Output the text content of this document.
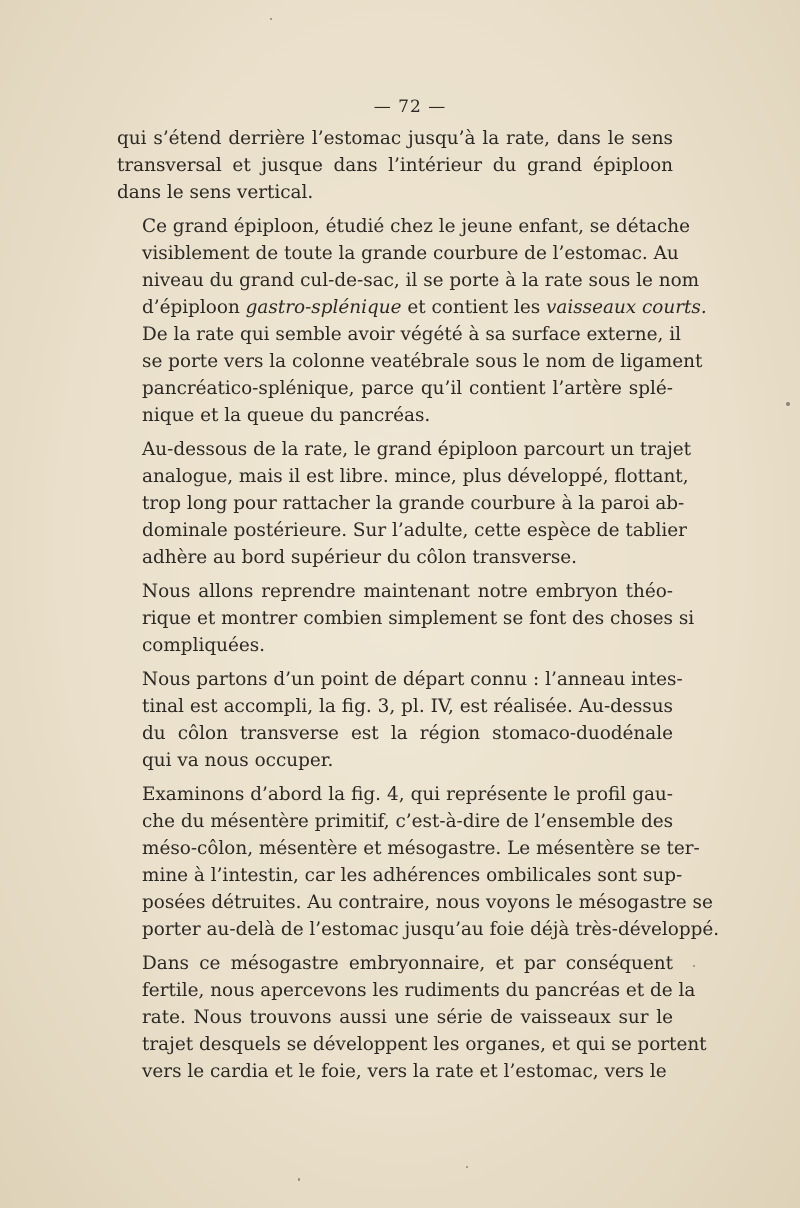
— 72 —
qui s’étend derrière l’estomac jusqu’à la rate, dans le sens
transversal et jusque dans l’intérieur du grand épiploon
dans le sens vertical.
Ce grand épiploon, étudié chez le jeune enfant, se détache
visiblement de toute la grande courbure de l’estomac. Au
niveau du grand cul-de-sac, il se porte à la rate sous le nom
d’épiploon gastro-splénique et contient les vaisseaux courts.
De la rate qui semble avoir végété à sa surface externe, il
se porte vers la colonne veatébrale sous le nom de ligament
pancréatico-splénique, parce qu’il contient l’artère splé-
nique et la queue du pancréas.
Au-dessous de la rate, le grand épiploon parcourt un trajet
analogue, mais il est libre. mince, plus développé, flottant,
trop long pour rattacher la grande courbure à la paroi ab-
dominale postérieure. Sur l’adulte, cette espèce de tablier
adhère au bord supérieur du côlon transverse.
Nous allons reprendre maintenant notre embryon théo-
rique et montrer combien simplement se font des choses si
compliquées.
Nous partons d’un point de départ connu : l’anneau intes-
tinal est accompli, la fig. 3, pl. IV, est réalisée. Au-dessus
du côlon transverse est la région stomaco-duodénale
qui va nous occuper.
Examinons d’abord la fig. 4, qui représente le profil gau-
che du mésentère primitif, c’est-à-dire de l’ensemble des
méso-côlon, mésentère et mésogastre. Le mésentère se ter-
mine à l’intestin, car les adhérences ombilicales sont sup-
posées détruites. Au contraire, nous voyons le mésogastre se
porter au-delà de l’estomac jusqu’au foie déjà très-développé.
Dans ce mésogastre embryonnaire, et par conséquent
fertile, nous apercevons les rudiments du pancréas et de la
rate. Nous trouvons aussi une série de vaisseaux sur le
trajet desquels se développent les organes, et qui se portent
vers le cardia et le foie, vers la rate et l’estomac, vers le
